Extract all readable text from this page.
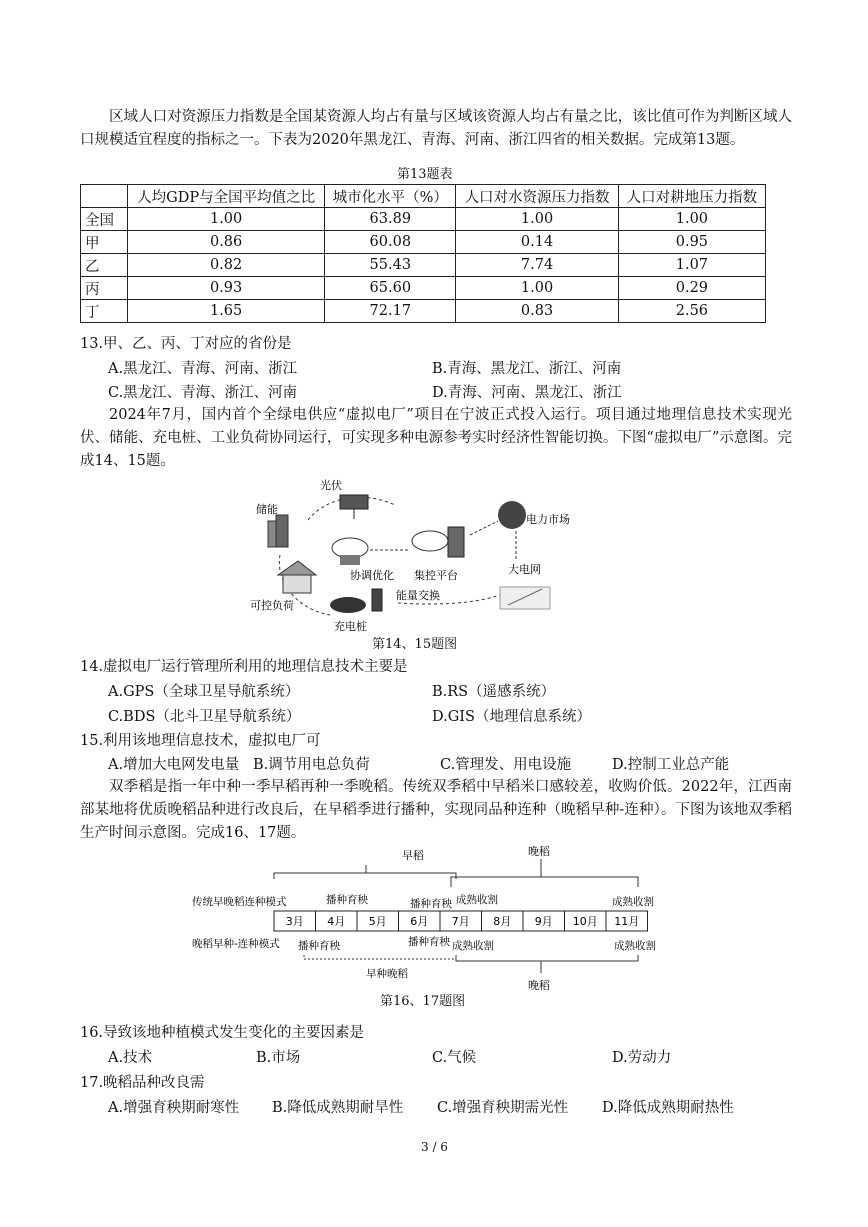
区域人口对资源压力指数是全国某资源人均占有量与区域该资源人均占有量之比，该比值可作为判断区域人口规模适宜程度的指标之一。下表为2020年黑龙江、青海、河南、浙江四省的相关数据。完成第13题。
第13题表
	人均GDP与全国平均值之比	城市化水平（%）	人口对水资源压力指数	人口对耕地压力指数
全国	1.00	63.89	1.00	1.00
甲	0.86	60.08	0.14	0.95
乙	0.82	55.43	7.74	1.07
丙	0.93	65.60	1.00	0.29
丁	1.65	72.17	0.83	2.56
13.甲、乙、丙、丁对应的省份是
A.黑龙江、青海、河南、浙江	B.青海、黑龙江、浙江、河南
C.黑龙江、青海、浙江、河南	D.青海、河南、黑龙江、浙江
2024年7月，国内首个全绿电供应“虚拟电厂”项目在宁波正式投入运行。项目通过地理信息技术实现光伏、储能、充电桩、工业负荷协同运行，可实现多种电源参考实时经济性智能切换。下图“虚拟电厂”示意图。完成14、15题。
储能
光伏
可控负荷
充电桩
协调优化 集控平台
能量交换
电力市场
大电网
第14、15题图
14.虚拟电厂运行管理所利用的地理信息技术主要是
A.GPS（全球卫星导航系统）	B.RS（遥感系统）
C.BDS（北斗卫星导航系统）	D.GIS（地理信息系统）
15.利用该地理信息技术，虚拟电厂可
A.增加大电网发电量 B.调节用电总负荷	C.管理发、用电设施	D.控制工业总产能
双季稻是指一年中种一季早稻再种一季晚稻。传统双季稻中早稻米口感较差，收购价低。2022年，江西南部某地将优质晚稻品种进行改良后，在早稻季进行播种，实现同品种连种（晚稻早种-连种）。下图为该地双季稻生产时间示意图。完成16、17题。
早稻	晚稻
传统早晚稻连种模式
晚稻早种-连种模式
播种育秧	播种育秧 成熟收割	成熟收割
3月 4月 5月 6月 7月 8月 9月 10月 11月
播种育秧	播种育秧 成熟收割	成熟收割
早种晚稻
晚稻
第16、17题图
16.导致该地种植模式发生变化的主要因素是
A.技术	B.市场	C.气候	D.劳动力
17.晚稻品种改良需
A.增强育秧期耐寒性 B.降低成熟期耐旱性 C.增强育秧期需光性 D.降低成熟期耐热性
3 / 6
